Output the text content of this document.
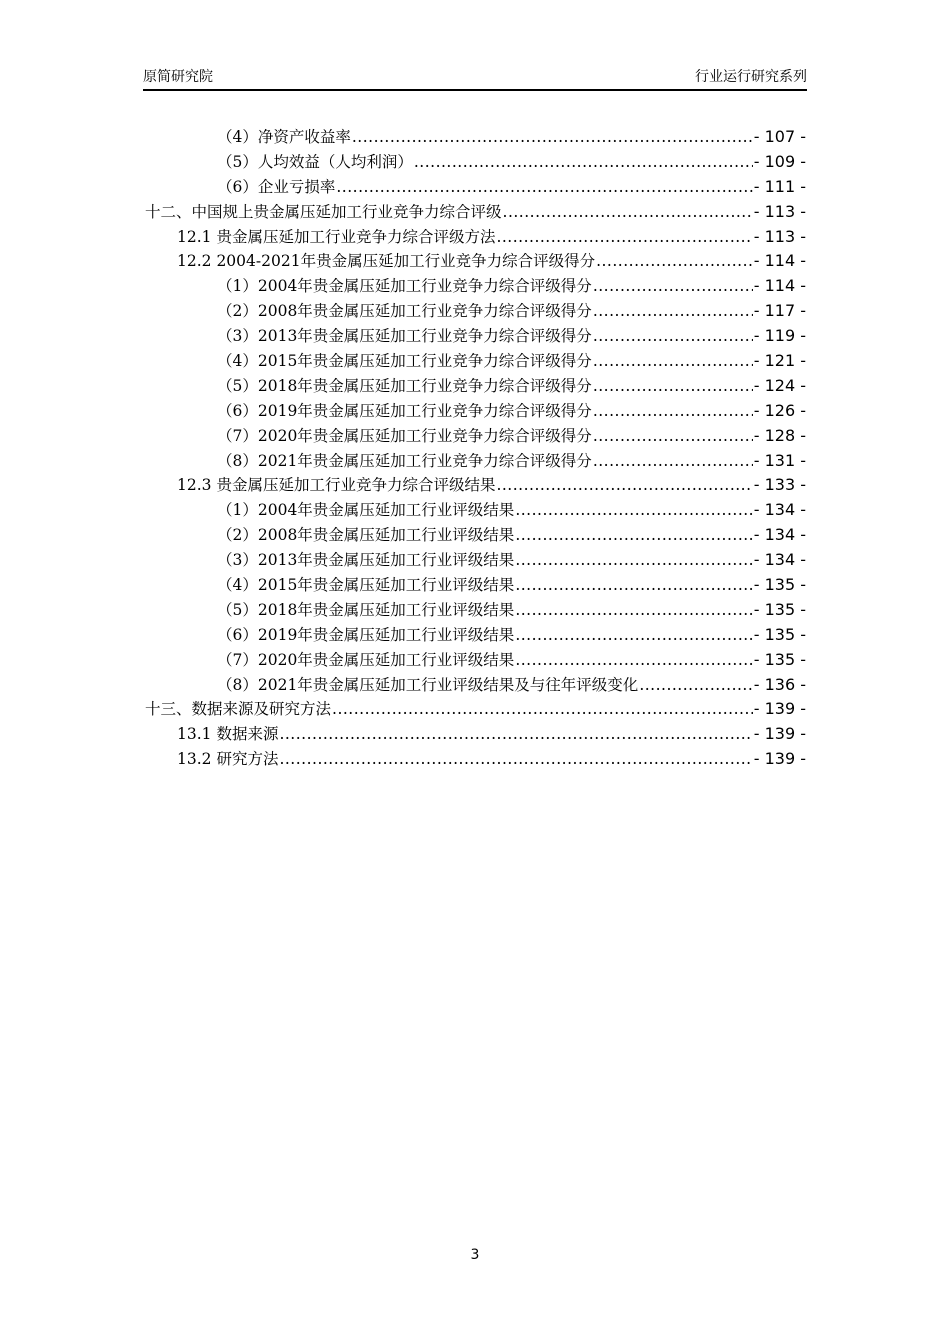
原简研究院	行业运行研究系列
（4）净资产收益率 .....	- 107 -
（5）人均效益（人均利润） .....	- 109 -
（6）企业亏损率 .....	- 111 -
十二、中国规上贵金属压延加工行业竞争力综合评级 .....	- 113 -
12.1 贵金属压延加工行业竞争力综合评级方法 .....	- 113 -
12.2 2004-2021年贵金属压延加工行业竞争力综合评级得分 .....	- 114 -
（1）2004年贵金属压延加工行业竞争力综合评级得分 .....	- 114 -
（2）2008年贵金属压延加工行业竞争力综合评级得分 .....	- 117 -
（3）2013年贵金属压延加工行业竞争力综合评级得分 .....	- 119 -
（4）2015年贵金属压延加工行业竞争力综合评级得分 .....	- 121 -
（5）2018年贵金属压延加工行业竞争力综合评级得分 .....	- 124 -
（6）2019年贵金属压延加工行业竞争力综合评级得分 .....	- 126 -
（7）2020年贵金属压延加工行业竞争力综合评级得分 .....	- 128 -
（8）2021年贵金属压延加工行业竞争力综合评级得分 .....	- 131 -
12.3 贵金属压延加工行业竞争力综合评级结果 .....	- 133 -
（1）2004年贵金属压延加工行业评级结果 .....	- 134 -
（2）2008年贵金属压延加工行业评级结果 .....	- 134 -
（3）2013年贵金属压延加工行业评级结果 .....	- 134 -
（4）2015年贵金属压延加工行业评级结果 .....	- 135 -
（5）2018年贵金属压延加工行业评级结果 .....	- 135 -
（6）2019年贵金属压延加工行业评级结果 .....	- 135 -
（7）2020年贵金属压延加工行业评级结果 .....	- 135 -
（8）2021年贵金属压延加工行业评级结果及与往年评级变化 .....	- 136 -
十三、数据来源及研究方法 .....	- 139 -
13.1 数据来源 .....	- 139 -
13.2 研究方法 .....	- 139 -
3
